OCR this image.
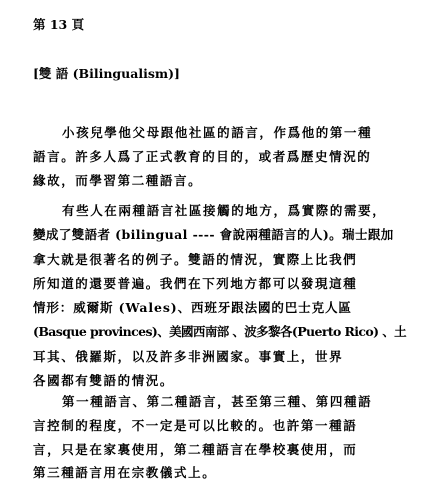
第 13 頁
[雙 語 (Bilingualism)]
小孩兒學他父母跟他社區的語言，作爲他的第一種
語言。許多人爲了正式教育的目的，或者爲歷史情況的
緣故，而學習第二種語言。
有些人在兩種語言社區接觸的地方，爲實際的需要，
變成了雙語者 (bilingual ---- 會說兩種語言的人)。瑞士跟加
拿大就是很著名的例子。雙語的情況，實際上比我們
所知道的還要普遍。我們在下列地方都可以發現這種
情形：威爾斯 (Wales)、西班牙跟法國的巴士克人區
(Basque provinces)、美國西南部 、波多黎各(Puerto Rico) 、土
耳其、俄羅斯，以及許多非洲國家。事實上，世界
各國都有雙語的情況。
第一種語言、第二種語言，甚至第三種、第四種語
言控制的程度，不一定是可以比較的。也許第一種語
言，只是在家裏使用，第二種語言在學校裏使用，而
第三種語言用在宗教儀式上。
